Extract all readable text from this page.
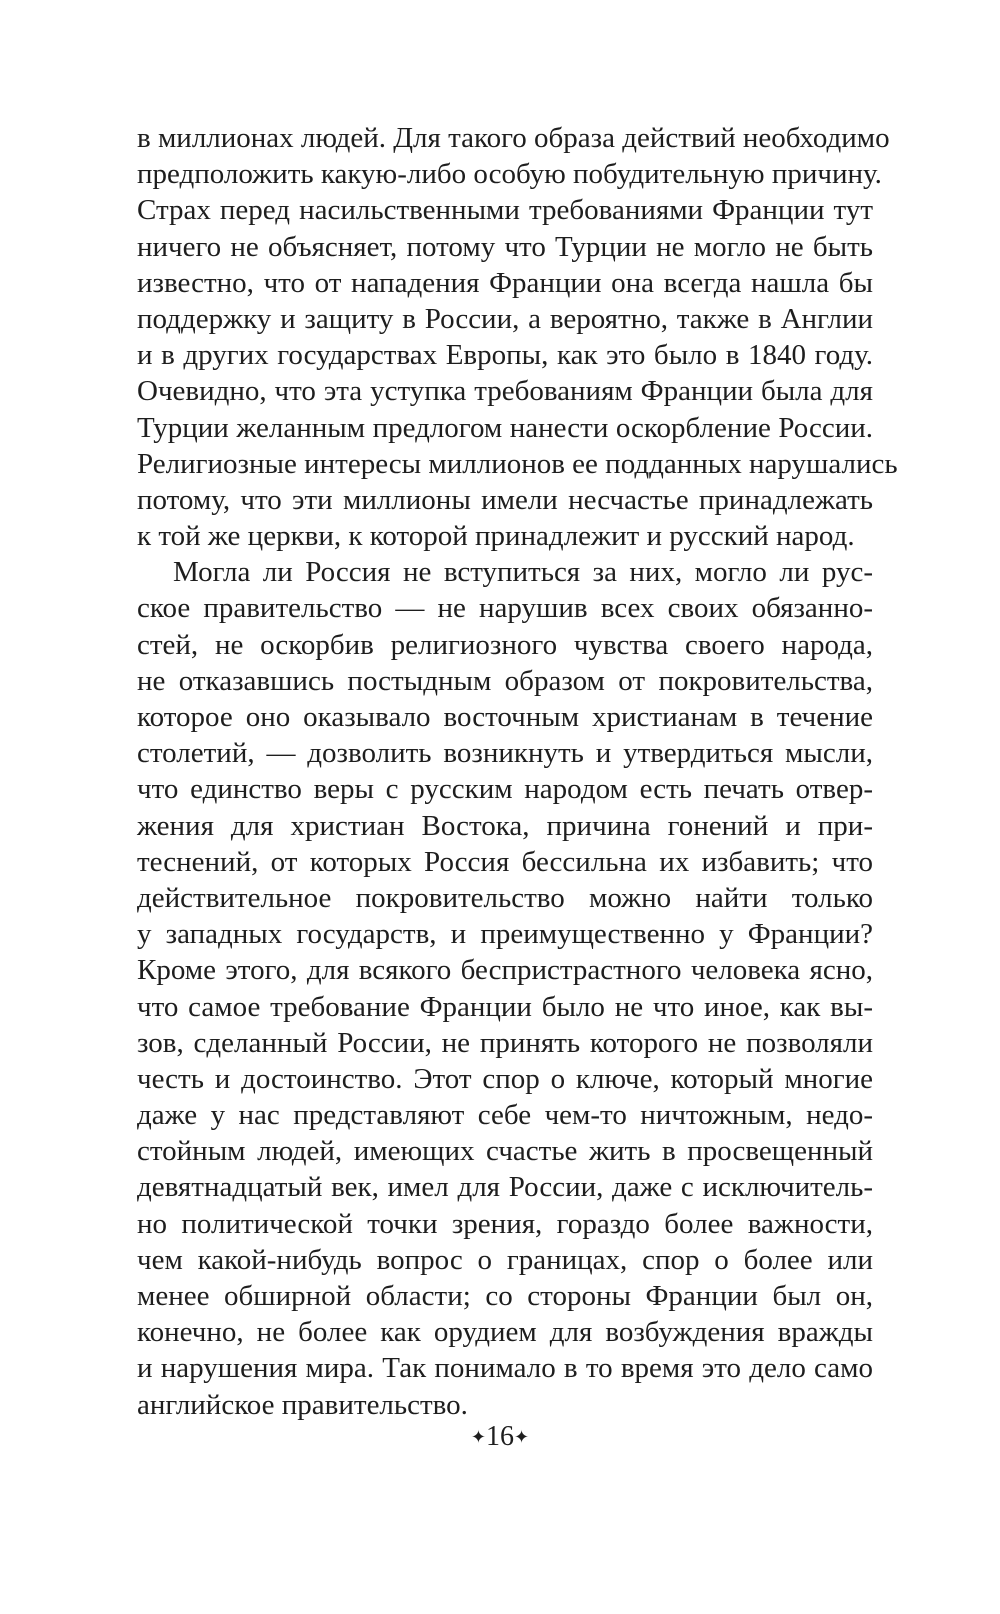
в миллионах людей. Для такого образа действий необходимо
предположить какую-либо особую побудительную причину.
Страх перед насильственными требованиями Франции тут
ничего не объясняет, потому что Турции не могло не быть
известно, что от нападения Франции она всегда нашла бы
поддержку и защиту в России, а вероятно, также в Англии
и в других государствах Европы, как это было в 1840 году.
Очевидно, что эта уступка требованиям Франции была для
Турции желанным предлогом нанести оскорбление России.
Религиозные интересы миллионов ее подданных нарушались
потому, что эти миллионы имели несчастье принадлежать
к той же церкви, к которой принадлежит и русский народ.
Могла ли Россия не вступиться за них, могло ли рус-
ское правительство — не нарушив всех своих обязанно-
стей, не оскорбив религиозного чувства своего народа,
не отказавшись постыдным образом от покровительства,
которое оно оказывало восточным христианам в течение
столетий, — дозволить возникнуть и утвердиться мысли,
что единство веры с русским народом есть печать отвер-
жения для христиан Востока, причина гонений и при-
теснений, от которых Россия бессильна их избавить; что
действительное покровительство можно найти только
у западных государств, и преимущественно у Франции?
Кроме этого, для всякого беспристрастного человека ясно,
что самое требование Франции было не что иное, как вы-
зов, сделанный России, не принять которого не позволяли
честь и достоинство. Этот спор о ключе, который многие
даже у нас представляют себе чем-то ничтожным, недо-
стойным людей, имеющих счастье жить в просвещенный
девятнадцатый век, имел для России, даже с исключитель-
но политической точки зрения, гораздо более важности,
чем какой-нибудь вопрос о границах, спор о более или
менее обширной области; со стороны Франции был он,
конечно, не более как орудием для возбуждения вражды
и нарушения мира. Так понимало в то время это дело само
английское правительство.
✦16✦
